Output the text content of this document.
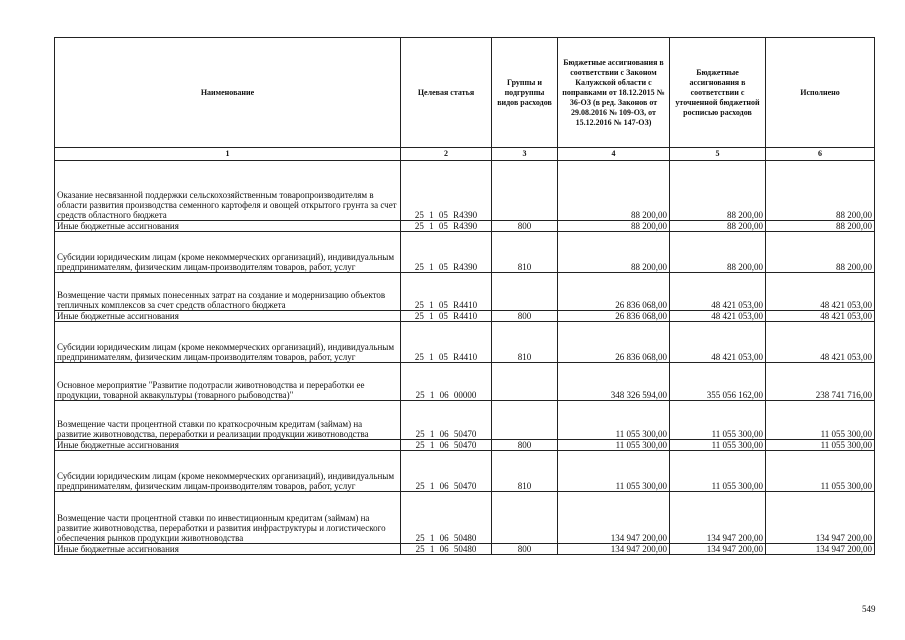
Наименование	Целевая статья	Группы и подгруппы видов расходов	Бюджетные ассигнования в соответствии с Законом Калужской области с поправками от 18.12.2015 № 36-ОЗ (в ред. Законов от 29.08.2016 № 109-ОЗ, от 15.12.2016 № 147-ОЗ)	Бюджетные ассигнования в соответствии с уточненной бюджетной росписью расходов	Исполнено
1	2	3	4	5	6
Оказание несвязанной поддержки сельскохозяйственным товаропроизводителям в области развития производства семенного картофеля и овощей открытого грунта за счет средств областного бюджета	25 1 05 R4390		88 200,00	88 200,00	88 200,00
Иные бюджетные ассигнования	25 1 05 R4390	800	88 200,00	88 200,00	88 200,00
Субсидии юридическим лицам (кроме некоммерческих организаций), индивидуальным предпринимателям, физическим лицам-производителям товаров, работ, услуг	25 1 05 R4390	810	88 200,00	88 200,00	88 200,00
Возмещение части прямых понесенных затрат на создание и модернизацию объектов тепличных комплексов за счет средств областного бюджета	25 1 05 R4410		26 836 068,00	48 421 053,00	48 421 053,00
Иные бюджетные ассигнования	25 1 05 R4410	800	26 836 068,00	48 421 053,00	48 421 053,00
Субсидии юридическим лицам (кроме некоммерческих организаций), индивидуальным предпринимателям, физическим лицам-производителям товаров, работ, услуг	25 1 05 R4410	810	26 836 068,00	48 421 053,00	48 421 053,00
Основное мероприятие "Развитие подотрасли животноводства и переработки ее продукции, товарной аквакультуры (товарного рыбоводства)"	25 1 06 00000		348 326 594,00	355 056 162,00	238 741 716,00
Возмещение части процентной ставки по краткосрочным кредитам (займам) на развитие животноводства, переработки и реализации продукции животноводства	25 1 06 50470		11 055 300,00	11 055 300,00	11 055 300,00
Иные бюджетные ассигнования	25 1 06 50470	800	11 055 300,00	11 055 300,00	11 055 300,00
Субсидии юридическим лицам (кроме некоммерческих организаций), индивидуальным предпринимателям, физическим лицам-производителям товаров, работ, услуг	25 1 06 50470	810	11 055 300,00	11 055 300,00	11 055 300,00
Возмещение части процентной ставки по инвестиционным кредитам (займам) на развитие животноводства, переработки и развития инфраструктуры и логистического обеспечения рынков продукции животноводства	25 1 06 50480		134 947 200,00	134 947 200,00	134 947 200,00
Иные бюджетные ассигнования	25 1 06 50480	800	134 947 200,00	134 947 200,00	134 947 200,00
549
